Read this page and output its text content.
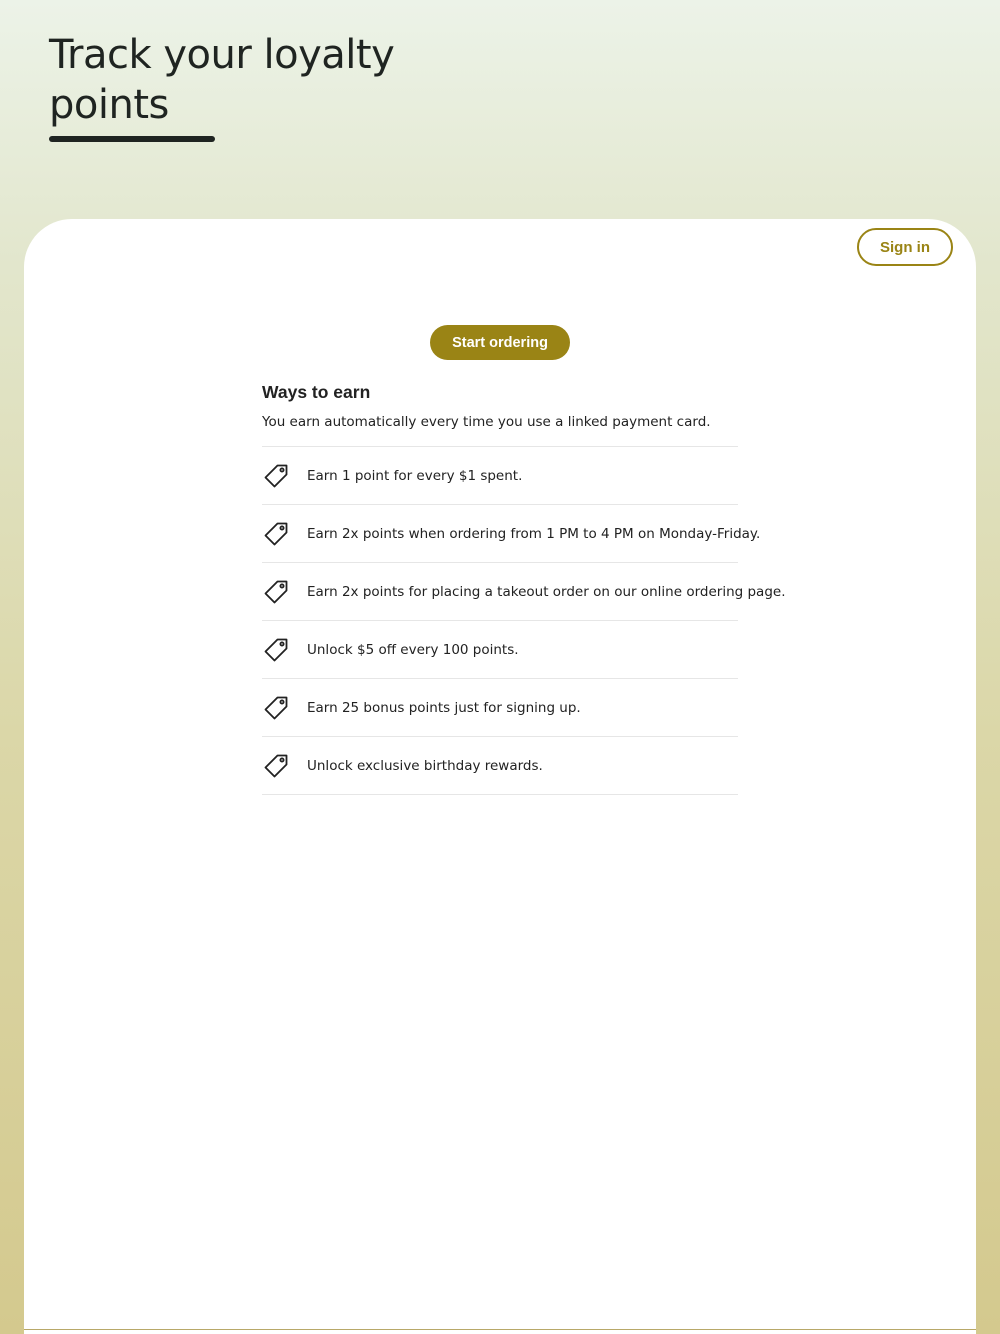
Track your loyalty points
Sign in
Start ordering
Ways to earn

You earn automatically every time you use a linked payment card.

Earn 1 point for every $1 spent.
Earn 2x points when ordering from 1 PM to 4 PM on Monday-Friday.
Earn 2x points for placing a takeout order on our online ordering page.
Unlock $5 off every 100 points.
Earn 25 bonus points just for signing up.
Unlock exclusive birthday rewards.
